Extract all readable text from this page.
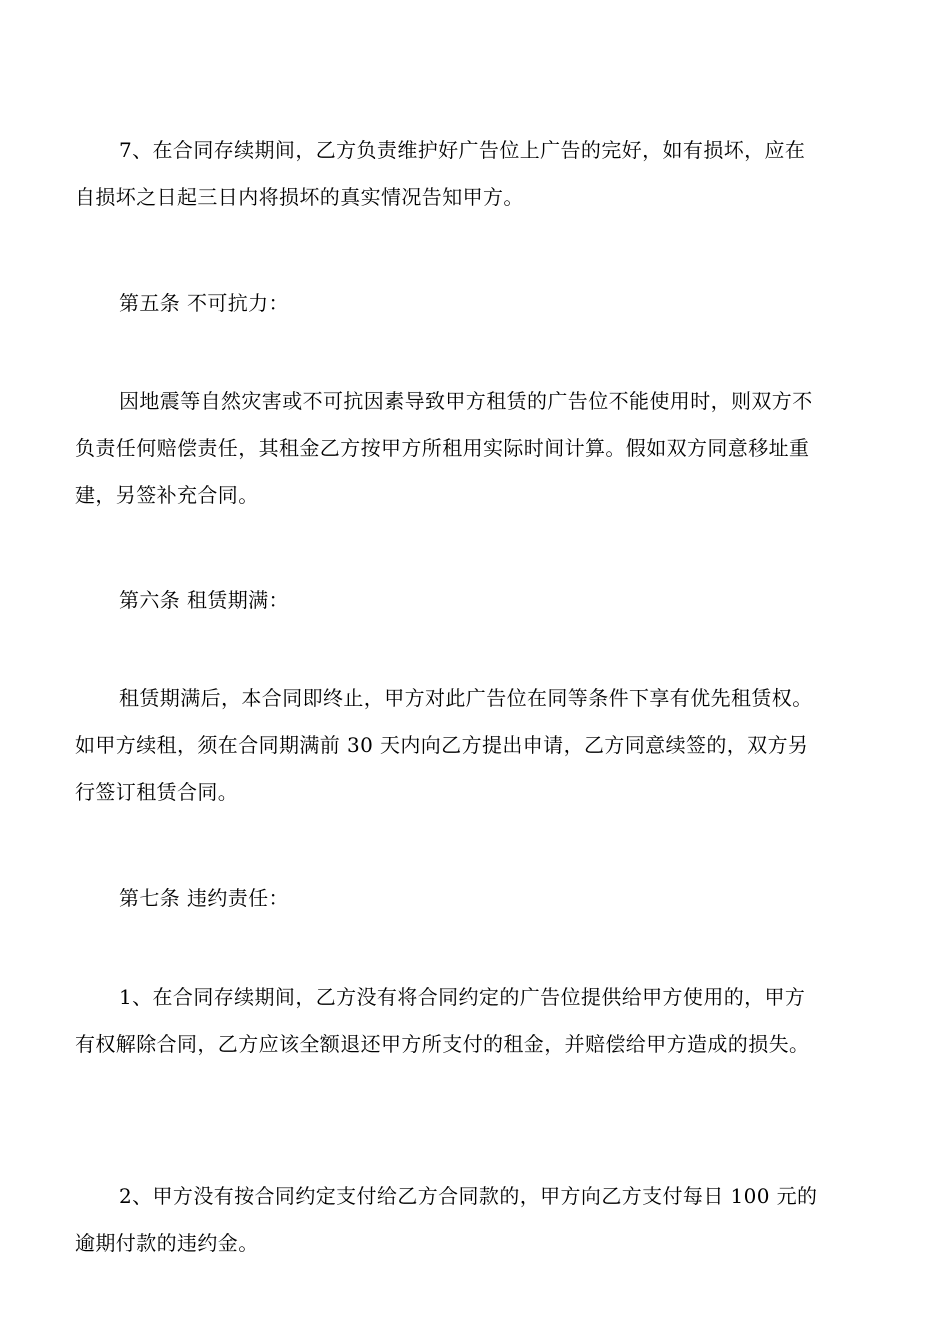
7、在合同存续期间，乙方负责维护好广告位上广告的完好，如有损坏，应在
自损坏之日起三日内将损坏的真实情况告知甲方。

第五条 不可抗力：

因地震等自然灾害或不可抗因素导致甲方租赁的广告位不能使用时，则双方不
负责任何赔偿责任，其租金乙方按甲方所租用实际时间计算。假如双方同意移址重
建，另签补充合同。

第六条 租赁期满：

租赁期满后，本合同即终止，甲方对此广告位在同等条件下享有优先租赁权。
如甲方续租，须在合同期满前 30 天内向乙方提出申请，乙方同意续签的，双方另
行签订租赁合同。

第七条 违约责任：

1、在合同存续期间，乙方没有将合同约定的广告位提供给甲方使用的，甲方
有权解除合同，乙方应该全额退还甲方所支付的租金，并赔偿给甲方造成的损失。

2、甲方没有按合同约定支付给乙方合同款的，甲方向乙方支付每日 100 元的
逾期付款的违约金。
